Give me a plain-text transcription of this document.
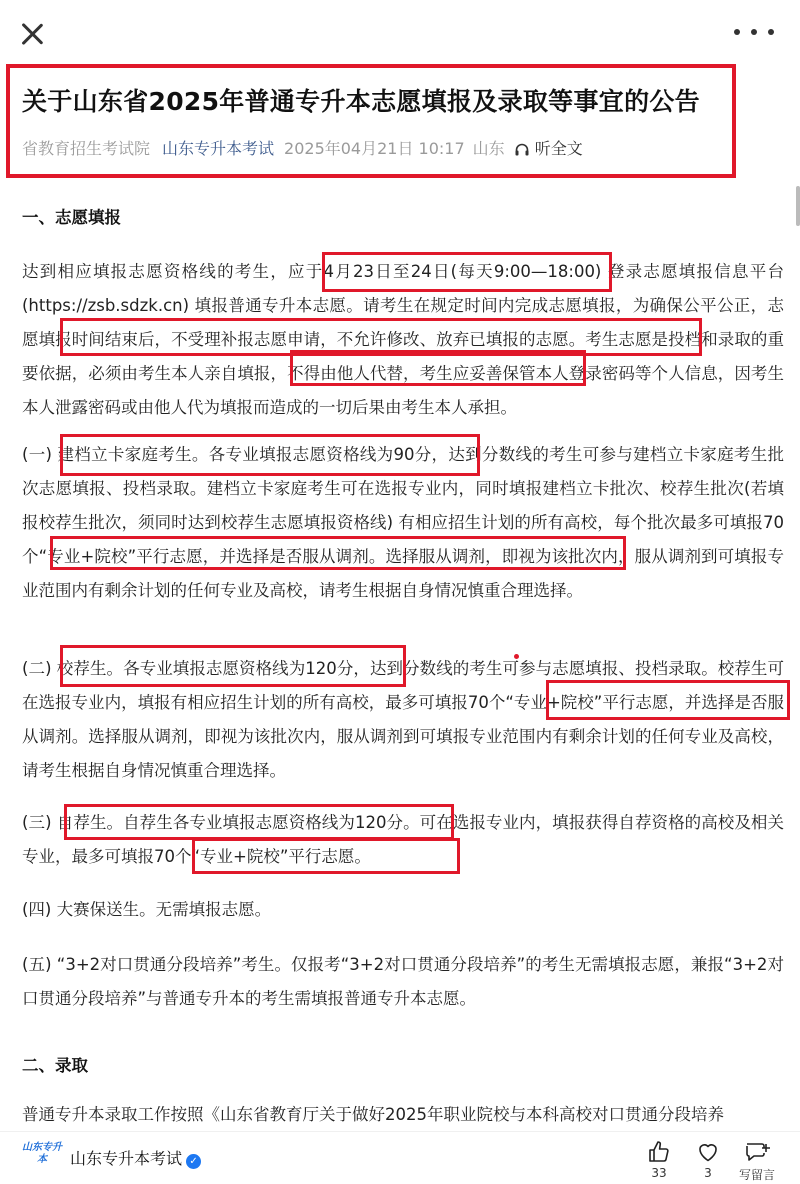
关于山东省2025年普通专升本志愿填报及录取等事宜的公告
省教育招生考试院 山东专升本考试 2025年04月21日 10:17 山东 听全文
一、志愿填报
达到相应填报志愿资格线的考生，应于4月23日至24日(每天9:00—18:00) 登录志愿填报信息平台(https://zsb.sdzk.cn) 填报普通专升本志愿。请考生在规定时间内完成志愿填报，为确保公平公正，志愿填报时间结束后，不受理补报志愿申请，不允许修改、放弃已填报的志愿。考生志愿是投档和录取的重要依据，必须由考生本人亲自填报，不得由他人代替，考生应妥善保管本人登录密码等个人信息，因考生本人泄露密码或由他人代为填报而造成的一切后果由考生本人承担。
(一) 建档立卡家庭考生。各专业填报志愿资格线为90分，达到分数线的考生可参与建档立卡家庭考生批次志愿填报、投档录取。建档立卡家庭考生可在选报专业内，同时填报建档立卡批次、校荐生批次(若填报校荐生批次，须同时达到校荐生志愿填报资格线) 有相应招生计划的所有高校，每个批次最多可填报70个“专业+院校”平行志愿，并选择是否服从调剂。选择服从调剂，即视为该批次内，服从调剂到可填报专业范围内有剩余计划的任何专业及高校，请考生根据自身情况慎重合理选择。
(二) 校荐生。各专业填报志愿资格线为120分，达到分数线的考生可参与志愿填报、投档录取。校荐生可在选报专业内，填报有相应招生计划的所有高校，最多可填报70个“专业+院校”平行志愿，并选择是否服从调剂。选择服从调剂，即视为该批次内，服从调剂到可填报专业范围内有剩余计划的任何专业及高校，请考生根据自身情况慎重合理选择。
(三) 自荐生。自荐生各专业填报志愿资格线为120分。可在选报专业内，填报获得自荐资格的高校及相关专业，最多可填报70个“专业+院校”平行志愿。
(四) 大赛保送生。无需填报志愿。
(五) “3+2对口贯通分段培养”考生。仅报考“3+2对口贯通分段培养”的考生无需填报志愿，兼报“3+2对口贯通分段培养”与普通专升本的考生需填报普通专升本志愿。
二、录取
普通专升本录取工作按照《山东省教育厅关于做好2025年职业院校与本科高校对口贯通分段培养
山东专升本	山东专升本考试 ✓
33	3	写留言
